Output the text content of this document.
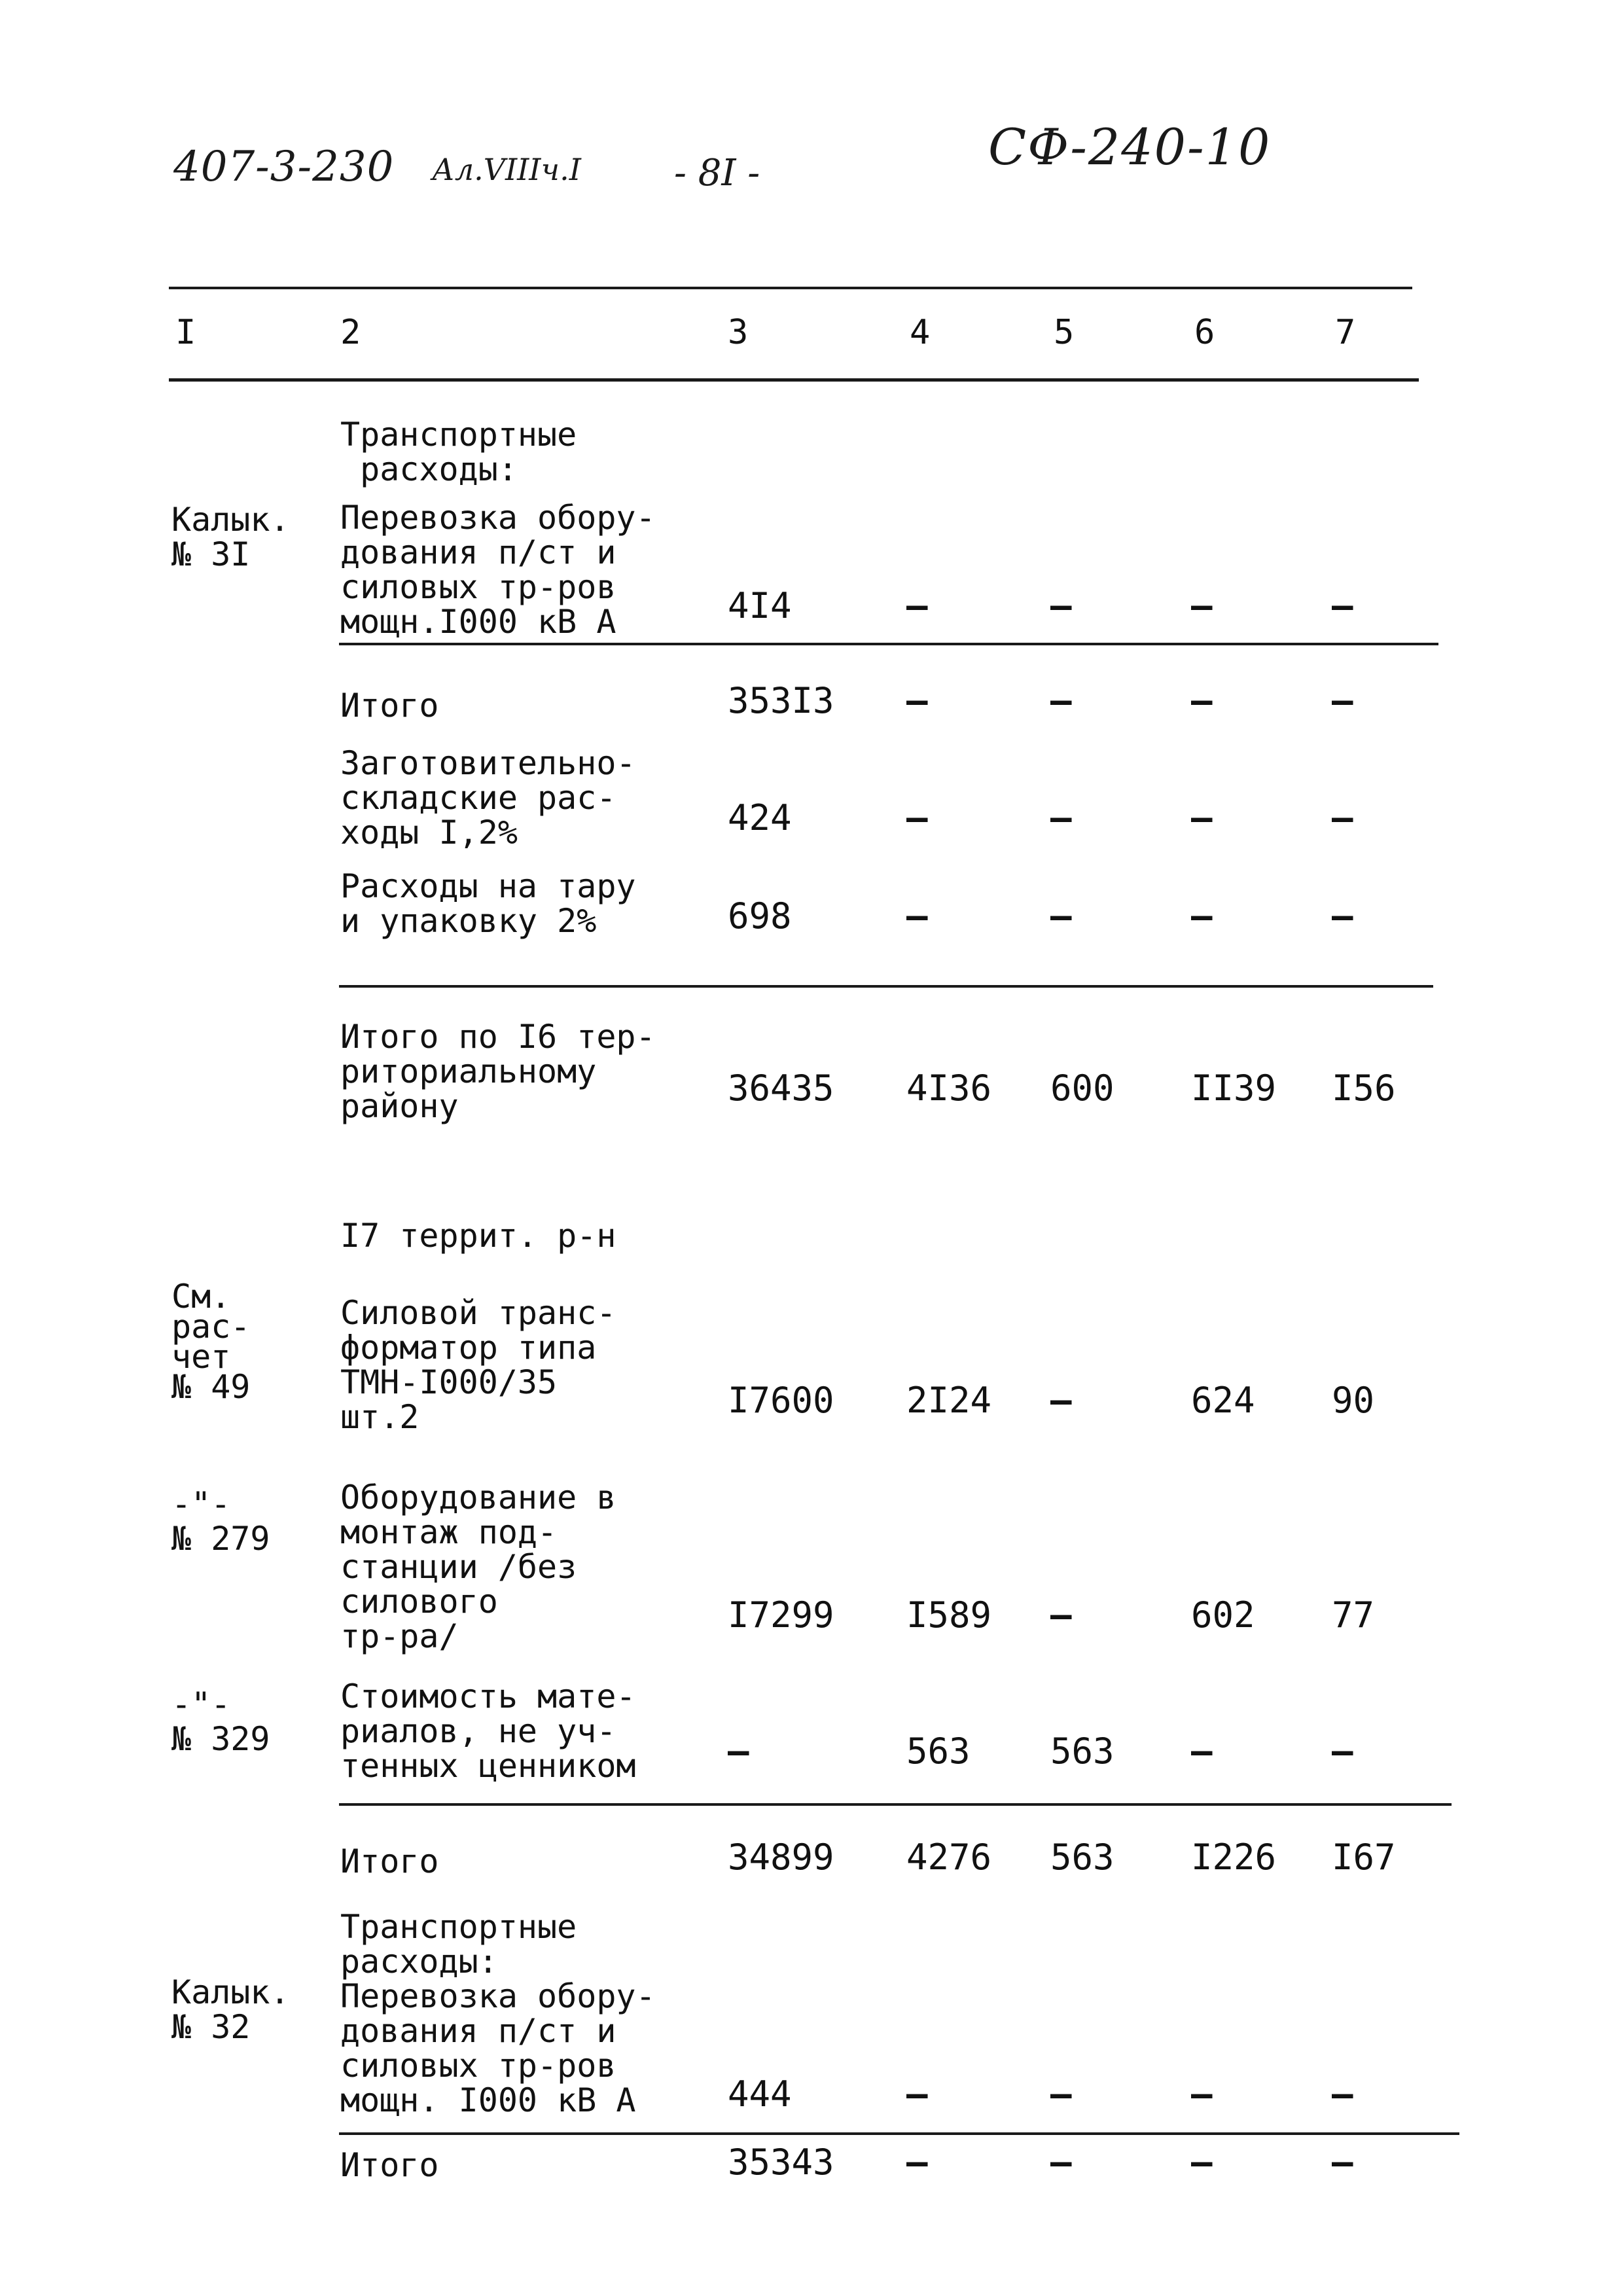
407-3-230 Ал.VIIIч.I	- 8I -	СФ-240-10
I	2	3	4	5	6	7
Транспортные
расходы:
Калык.
№ 3I
Перевозка обору-
дования п/ст и
силовых тр-ров
мощн.I000 кВ А	4I4	–	–	–	–
Итого	353I3 –	–	–	–
Заготовительно-
складские рас-
ходы I,2%	424	–	–	–	–
Расходы на тару
и упаковку 2%	698	–	–	–	–
Итого по I6 тер-
риториальному
району	36435 4I36 600 II39 I56
I7 террит. р-н
См.
рас-
чет
№ 49
Силовой транс-
форматор типа
ТМН-I000/35
шт.2	I7600 2I24 –	624 90
-"-
№ 279
Оборудование в
монтаж под-
станции /без
силового
тр-ра/
I7299 I589 –	602 77
-"-
№ 329
Стоимость мате-
риалов, не уч-
тенных ценником	–	563 563 –	–
Итого	34899 4276 563 I226 I67
Калык.
№ 32
Транспортные
расходы:
Перевозка обору-
дования п/ст и
силовых тр-ров
мощн. I000 кВ А	444	–	–	–	–
Итого	35343 –	–	–	–
